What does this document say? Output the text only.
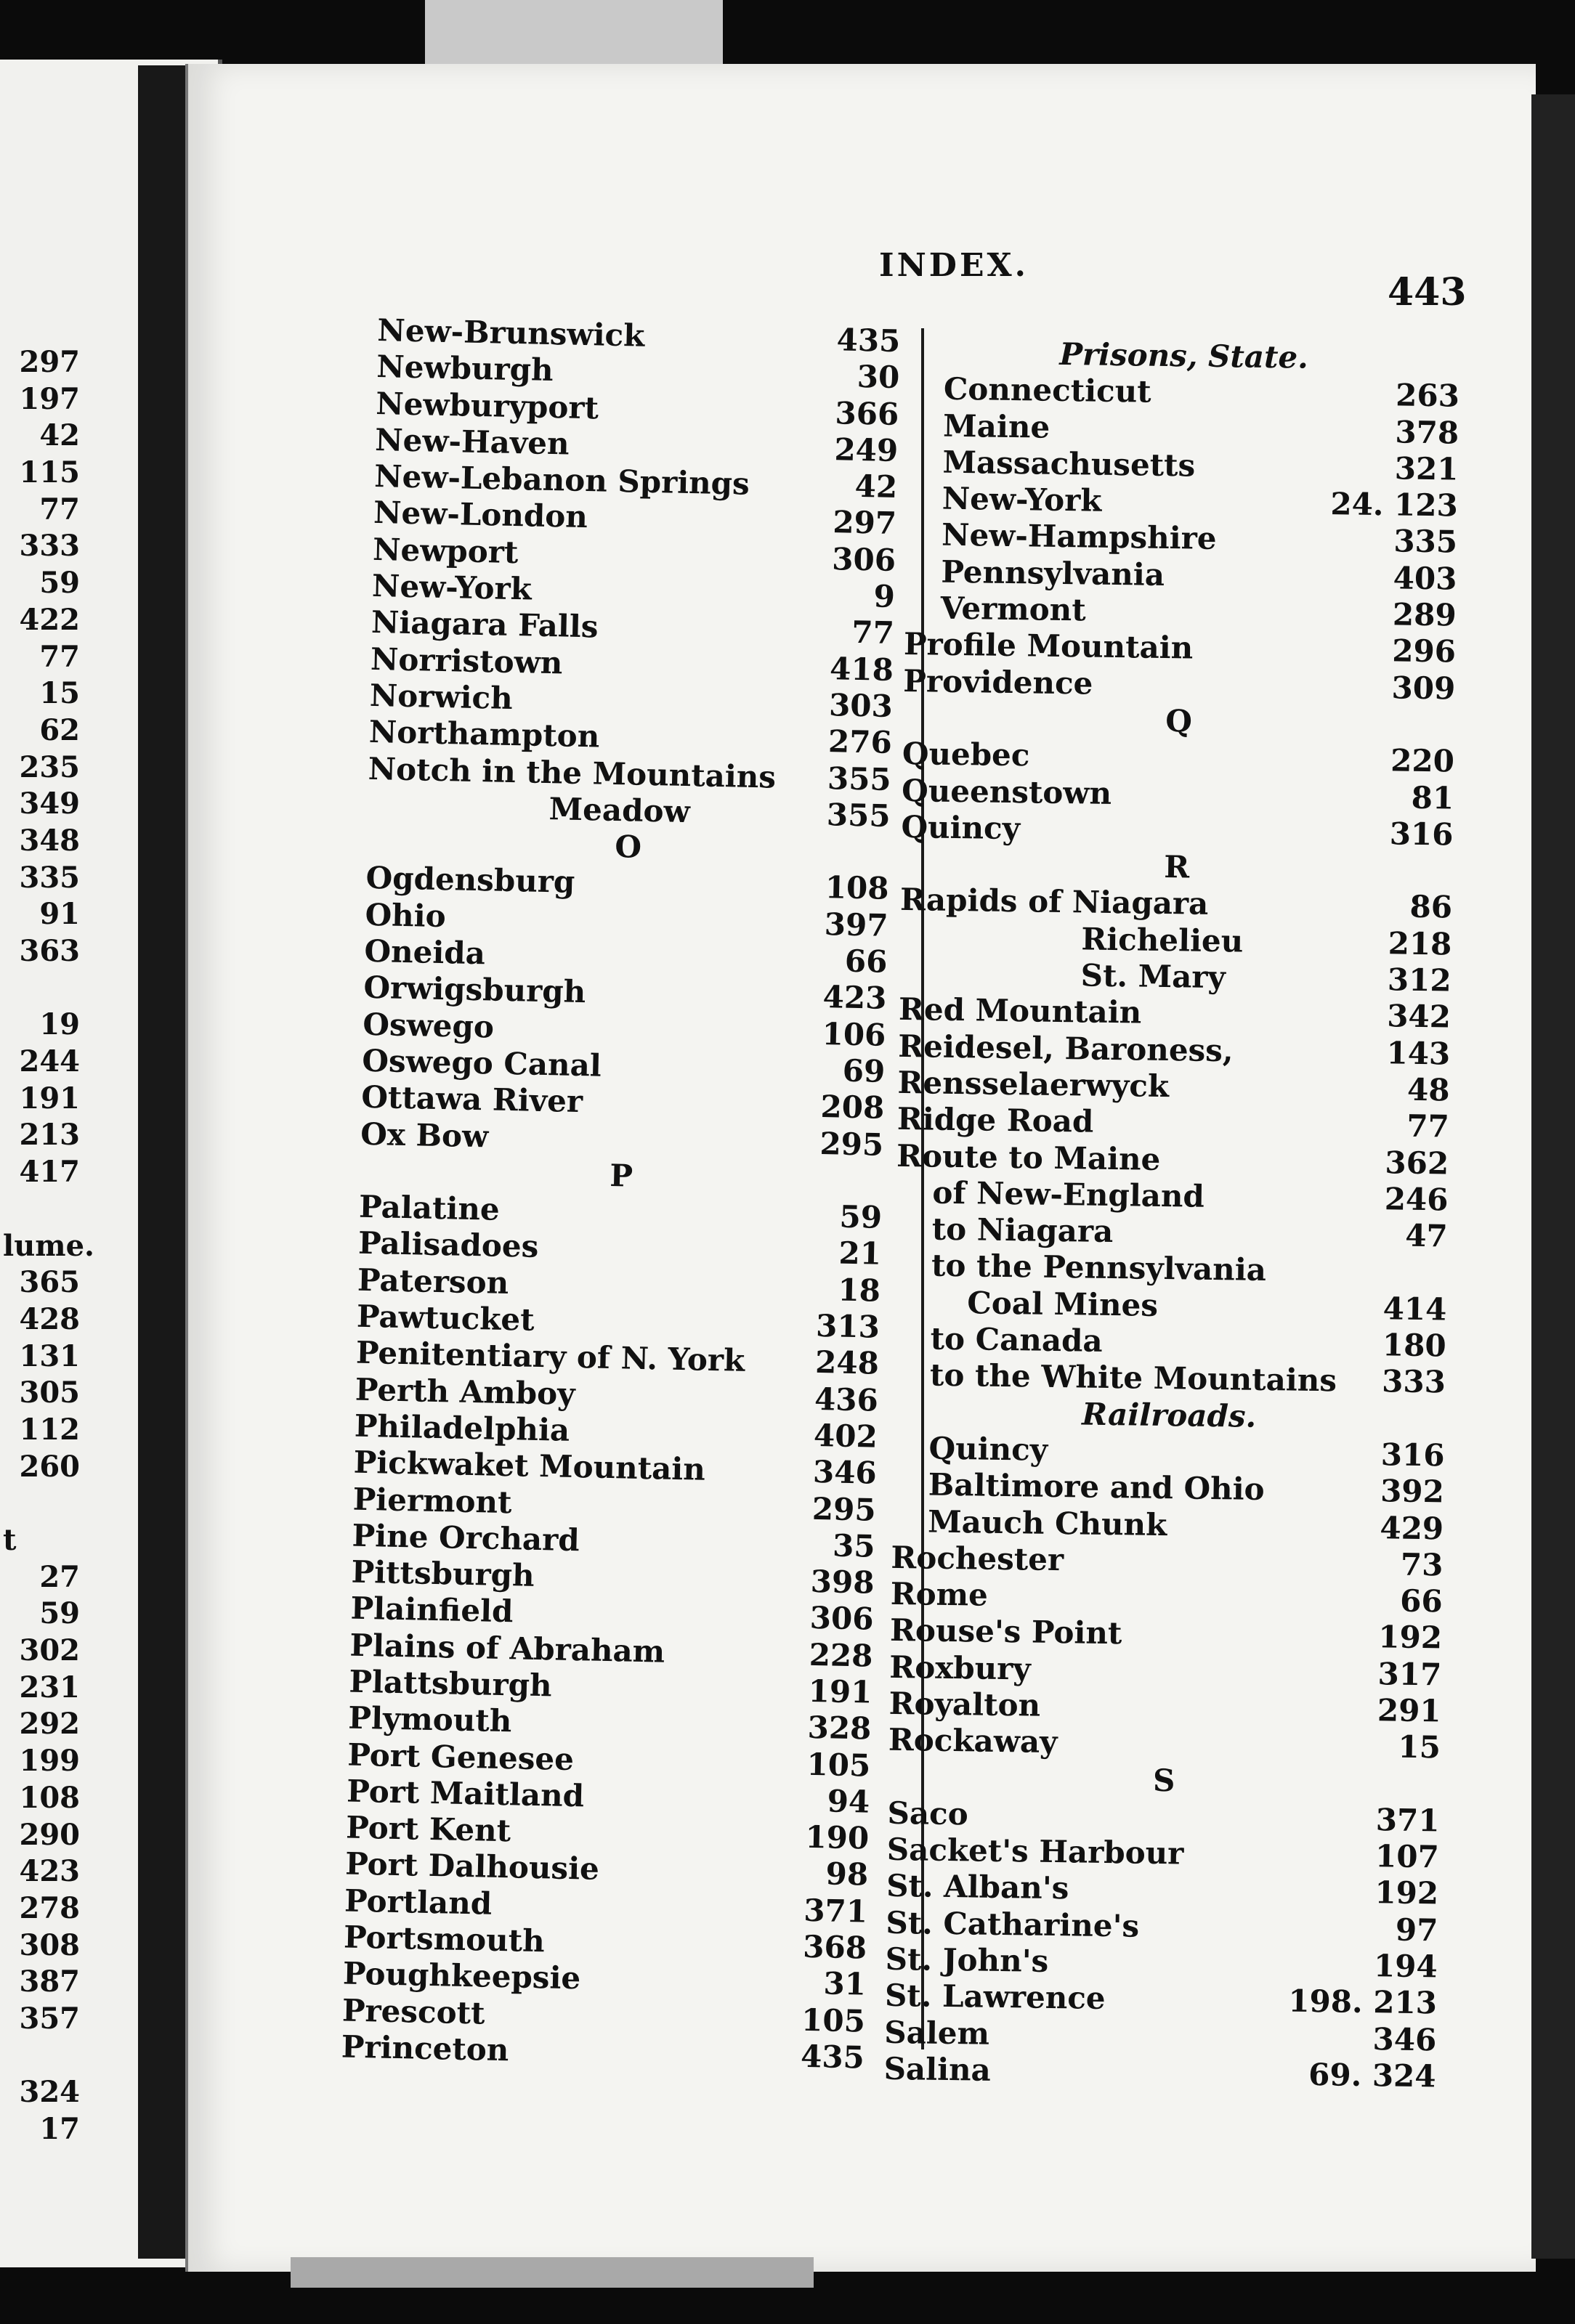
297
197
42
115
77
333
59
422
77
15
62
235
349
348
335
91
363
19
244
191
213
417
lume.
365
428
131
305
112
260
t
27
59
302
231
292
199
108
290
423
278
308
387
357
324
17
INDEX.
443
New-Brunswick	435
Newburgh	30
Newburyport	366
New-Haven	249
New-Lebanon Springs	42
New-London	297
Newport	306
New-York	9
Niagara Falls	77
Norristown	418
Norwich	303
Northampton	276
Notch in the Mountains 355
Meadow	355
O
Ogdensburg	108
Ohio	397
Oneida	66
Orwigsburgh	423
Oswego	106
Oswego Canal	69
Ottawa River	208
Ox Bow	295
P
Palatine	59
Palisadoes	21
Paterson	18
Pawtucket	313
Penitentiary of N. York 248
Perth Amboy	436
Philadelphia	402
Pickwaket Mountain	346
Piermont	295
Pine Orchard	35
Pittsburgh	398
Plainfield	306
Plains of Abraham	228
Plattsburgh	191
Plymouth	328
Port Genesee	105
Port Maitland	94
Port Kent	190
Port Dalhousie	98
Portland	371
Portsmouth	368
Poughkeepsie	31
Prescott	105
Princeton	435
Prisons, State.
Connecticut	263
Maine	378
Massachusetts	321
New-York	24. 123
New-Hampshire	335
Pennsylvania	403
Vermont	289
Profile Mountain	296
Providence	309
Q
Quebec	220
Queenstown	81
Quincy	316
R
Rapids of Niagara	86
Richelieu	218
St. Mary	312
Red Mountain	342
Reidesel, Baroness,	143
Rensselaerwyck	48
Ridge Road	77
Route to Maine	362
of New-England	246
to Niagara	47
to the Pennsylvania
Coal Mines	414
to Canada	180
to the White Mountains 333
Railroads.
Quincy	316
Baltimore and Ohio	392
Mauch Chunk	429
Rochester	73
Rome	66
Rouse's Point	192
Roxbury	317
Royalton	291
Rockaway	15
S
Saco	371
Sacket's Harbour	107
St. Alban's	192
St. Catharine's	97
St. John's	194
St. Lawrence	198. 213
Salem	346
Salina	69. 324
